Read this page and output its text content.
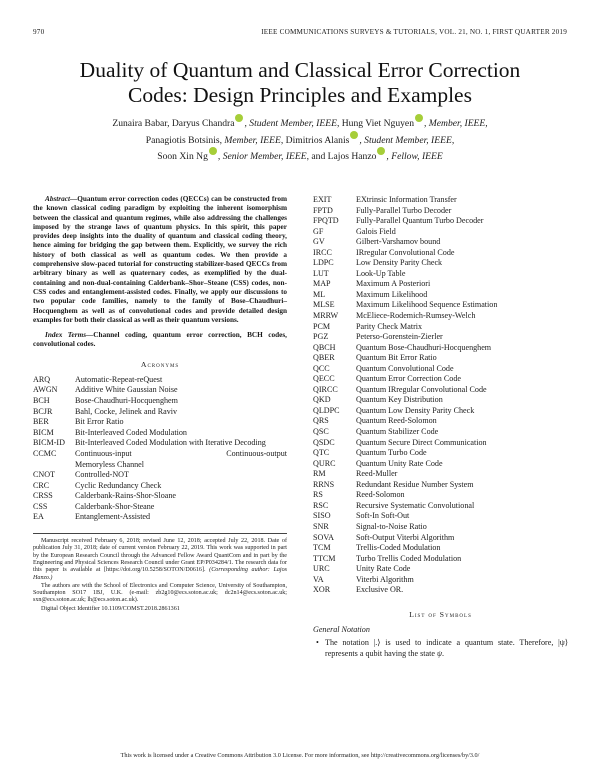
970	IEEE COMMUNICATIONS SURVEYS & TUTORIALS, VOL. 21, NO. 1, FIRST QUARTER 2019
Duality of Quantum and Classical Error Correction
Codes: Design Principles and Examples
Zunaira Babar, Daryus Chandra , Student Member, IEEE, Hung Viet Nguyen , Member, IEEE,
Panagiotis Botsinis, Member, IEEE, Dimitrios Alanis , Student Member, IEEE,
Soon Xin Ng , Senior Member, IEEE, and Lajos Hanzo , Fellow, IEEE
Abstract—Quantum error correction codes (QECCs) can be constructed from the known classical coding paradigm by exploiting the inherent isomorphism between the classical and quantum regimes, while also addressing the challenges imposed by the strange laws of quantum physics. In this spirit, this paper provides deep insights into the duality of quantum and classical coding theory, hence aiming for bridging the gap between them. Explicitly, we survey the rich history of both classical as well as quantum codes. We then provide a comprehensive slow-paced tutorial for constructing stabilizer-based QECCs from arbitrary binary as well as quaternary codes, as exemplified by the dual-containing and non-dual-containing Calderbank–Shor–Steane (CSS) codes, non-CSS codes and entanglement-assisted codes. Finally, we apply our discussions to two popular code families, namely to the family of Bose–Chaudhuri–Hocquenghem as well as of convolutional codes and provide detailed design examples for both their classical as well as their quantum versions.
Index Terms—Channel coding, quantum error correction, BCH codes, convolutional codes.
Acronyms
ARQ	Automatic-Repeat-reQuest
AWGN	Additive White Gaussian Noise
BCH	Bose-Chaudhuri-Hocquenghem
BCJR	Bahl, Cocke, Jelinek and Raviv
BER	Bit Error Ratio
BICM	Bit-Interleaved Coded Modulation
BICM-ID	Bit-Interleaved Coded Modulation with Iterative Decoding
CCMC	Continuous-input	Continuous-output
Memoryless Channel
CNOT	Controlled-NOT
CRC	Cyclic Redundancy Check
CRSS	Calderbank-Rains-Shor-Sloane
CSS	Calderbank-Shor-Steane
EA	Entanglement-Assisted

Manuscript received February 6, 2018; revised June 12, 2018; accepted July 22, 2018. Date of publication July 31, 2018; date of current version February 22, 2019. This work was supported in part by the European Research Council through the Advanced Fellow Award QuantCom and in part by the Engineering and Physical Sciences Research Council under Grant EP/P034284/1. The research data for this paper is available at [https://doi.org/10.5258/SOTON/D0616]. (Corresponding author: Lajos Hanzo.)

The authors are with the School of Electronics and Computer Science, University of Southampton, Southampton SO17 1BJ, U.K. (e-mail: zb2g10@ecs.soton.ac.uk; dc2n14@ecs.soton.ac.uk; sxn@ecs.soton.ac.uk; lh@ecs.soton.ac.uk).

Digital Object Identifier 10.1109/COMST.2018.2861361

EXIT	EXtrinsic Information Transfer
FPTD	Fully-Parallel Turbo Decoder
FPQTD	Fully-Parallel Quantum Turbo Decoder
GF	Galois Field
GV	Gilbert-Varshamov bound
IRCC	IRregular Convolutional Code
LDPC	Low Density Parity Check
LUT	Look-Up Table
MAP	Maximum A Posteriori
ML	Maximum Likelihood
MLSE	Maximum Likelihood Sequence Estimation
MRRW	McEliece-Rodemich-Rumsey-Welch
PCM	Parity Check Matrix
PGZ	Peterso-Gorenstein-Zierler
QBCH	Quantum Bose-Chaudhuri-Hocquenghem
QBER	Quantum Bit Error Ratio
QCC	Quantum Convolutional Code
QECC	Quantum Error Correction Code
QIRCC	Quantum IRregular Convolutional Code
QKD	Quantum Key Distribution
QLDPC	Quantum Low Density Parity Check
QRS	Quantum Reed-Solomon
QSC	Quantum Stabilizer Code
QSDC	Quantum Secure Direct Communication
QTC	Quantum Turbo Code
QURC	Quantum Unity Rate Code
RM	Reed-Muller
RRNS	Redundant Residue Number System
RS	Reed-Solomon
RSC	Recursive Systematic Convolutional
SISO	Soft-In Soft-Out
SNR	Signal-to-Noise Ratio
SOVA	Soft-Output Viterbi Algorithm
TCM	Trellis-Coded Modulation
TTCM	Turbo Trellis Coded Modulation
URC	Unity Rate Code
VA	Viterbi Algorithm
XOR	Exclusive OR.
List of Symbols
General Notation
• The notation |.⟩ is used to indicate a quantum state. Therefore, |ψ⟩ represents a qubit having the state ψ.
This work is licensed under a Creative Commons Attribution 3.0 License. For more information, see http://creativecommons.org/licenses/by/3.0/
